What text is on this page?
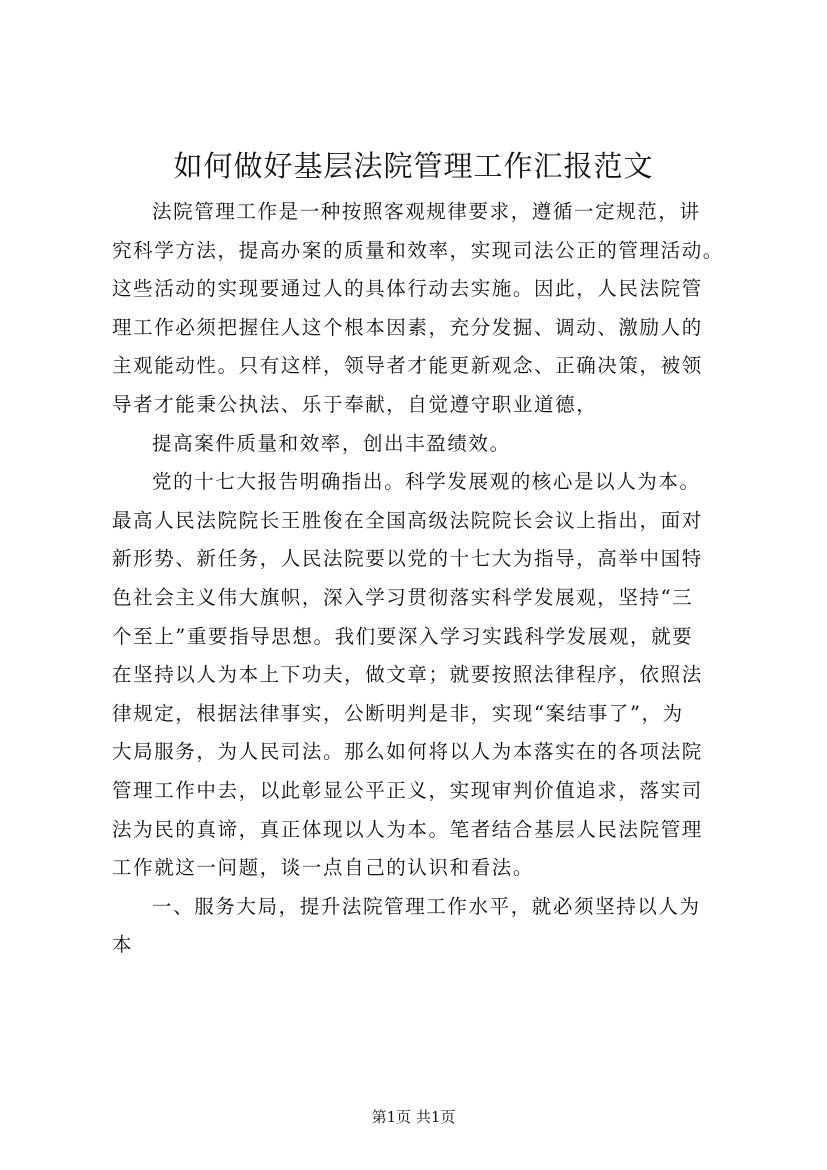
如何做好基层法院管理工作汇报范文
法院管理工作是一种按照客观规律要求，遵循一定规范，讲
究科学方法，提高办案的质量和效率，实现司法公正的管理活动。
这些活动的实现要通过人的具体行动去实施。因此，人民法院管
理工作必须把握住人这个根本因素，充分发掘、调动、激励人的
主观能动性。只有这样，领导者才能更新观念、正确决策，被领
导者才能秉公执法、乐于奉献，自觉遵守职业道德，
提高案件质量和效率，创出丰盈绩效。
党的十七大报告明确指出。科学发展观的核心是以人为本。
最高人民法院院长王胜俊在全国高级法院院长会议上指出，面对
新形势、新任务，人民法院要以党的十七大为指导，高举中国特
色社会主义伟大旗帜，深入学习贯彻落实科学发展观，坚持“三
个至上”重要指导思想。我们要深入学习实践科学发展观，就要
在坚持以人为本上下功夫，做文章；就要按照法律程序，依照法
律规定，根据法律事实，公断明判是非，实现“案结事了”，为
大局服务，为人民司法。那么如何将以人为本落实在的各项法院
管理工作中去，以此彰显公平正义，实现审判价值追求，落实司
法为民的真谛，真正体现以人为本。笔者结合基层人民法院管理
工作就这一问题，谈一点自己的认识和看法。
一、服务大局，提升法院管理工作水平，就必须坚持以人为
本
第1页 共1页
